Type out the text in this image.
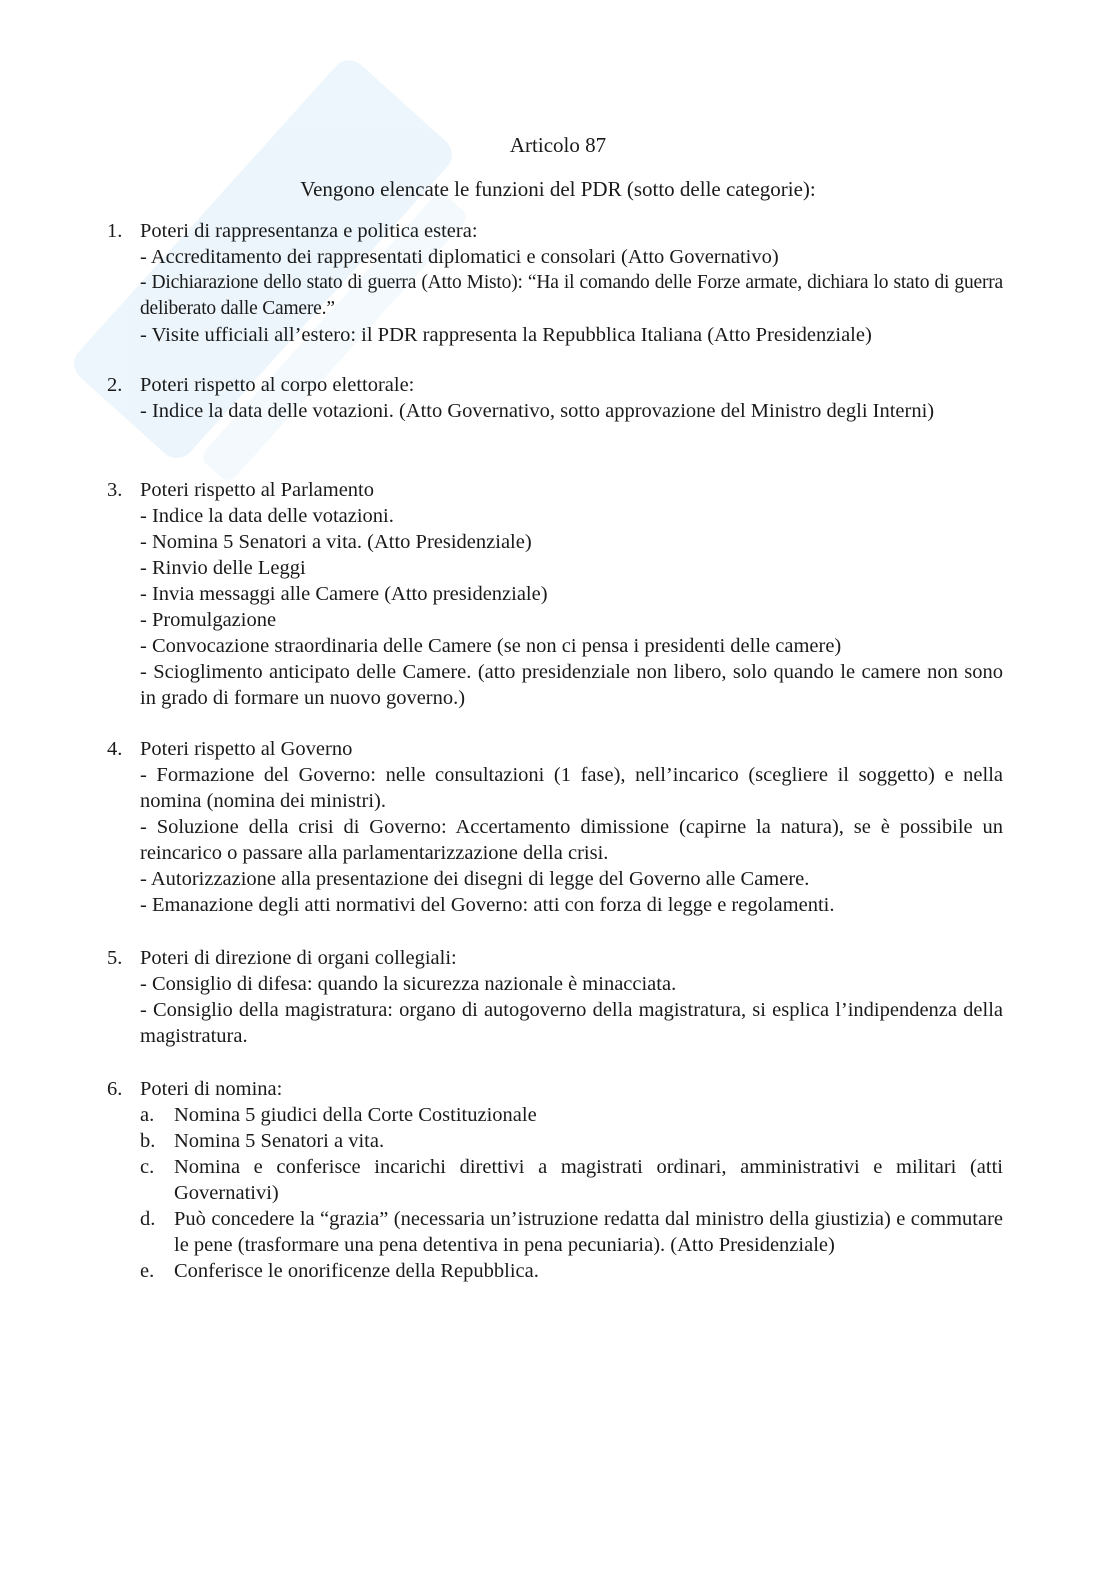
Articolo 87
Vengono elencate le funzioni del PDR (sotto delle categorie):
1. Poteri di rappresentanza e politica estera:
- Accreditamento dei rappresentati diplomatici e consolari (Atto Governativo)
- Dichiarazione dello stato di guerra (Atto Misto): “Ha il comando delle Forze armate, dichiara lo stato di guerra deliberato dalle Camere.”
- Visite ufficiali all’estero: il PDR rappresenta la Repubblica Italiana (Atto Presidenziale)
2. Poteri rispetto al corpo elettorale:
- Indice la data delle votazioni. (Atto Governativo, sotto approvazione del Ministro degli Interni)
3. Poteri rispetto al Parlamento
- Indice la data delle votazioni.
- Nomina 5 Senatori a vita. (Atto Presidenziale)
- Rinvio delle Leggi
- Invia messaggi alle Camere (Atto presidenziale)
- Promulgazione
- Convocazione straordinaria delle Camere (se non ci pensa i presidenti delle camere)
- Scioglimento anticipato delle Camere. (atto presidenziale non libero, solo quando le camere non sono in grado di formare un nuovo governo.)
4. Poteri rispetto al Governo
- Formazione del Governo: nelle consultazioni (1 fase), nell’incarico (scegliere il soggetto) e nella nomina (nomina dei ministri).
- Soluzione della crisi di Governo: Accertamento dimissione (capirne la natura), se è possibile un reincarico o passare alla parlamentarizzazione della crisi.
- Autorizzazione alla presentazione dei disegni di legge del Governo alle Camere.
- Emanazione degli atti normativi del Governo: atti con forza di legge e regolamenti.
5. Poteri di direzione di organi collegiali:
- Consiglio di difesa: quando la sicurezza nazionale è minacciata.
- Consiglio della magistratura: organo di autogoverno della magistratura, si esplica l’indipendenza della magistratura.
6. Poteri di nomina:
a. Nomina 5 giudici della Corte Costituzionale
b. Nomina 5 Senatori a vita.
c. Nomina e conferisce incarichi direttivi a magistrati ordinari, amministrativi e militari (atti Governativi)
d. Può concedere la “grazia” (necessaria un’istruzione redatta dal ministro della giustizia) e commutare le pene (trasformare una pena detentiva in pena pecuniaria). (Atto Presidenziale)
e. Conferisce le onorificenze della Repubblica.
